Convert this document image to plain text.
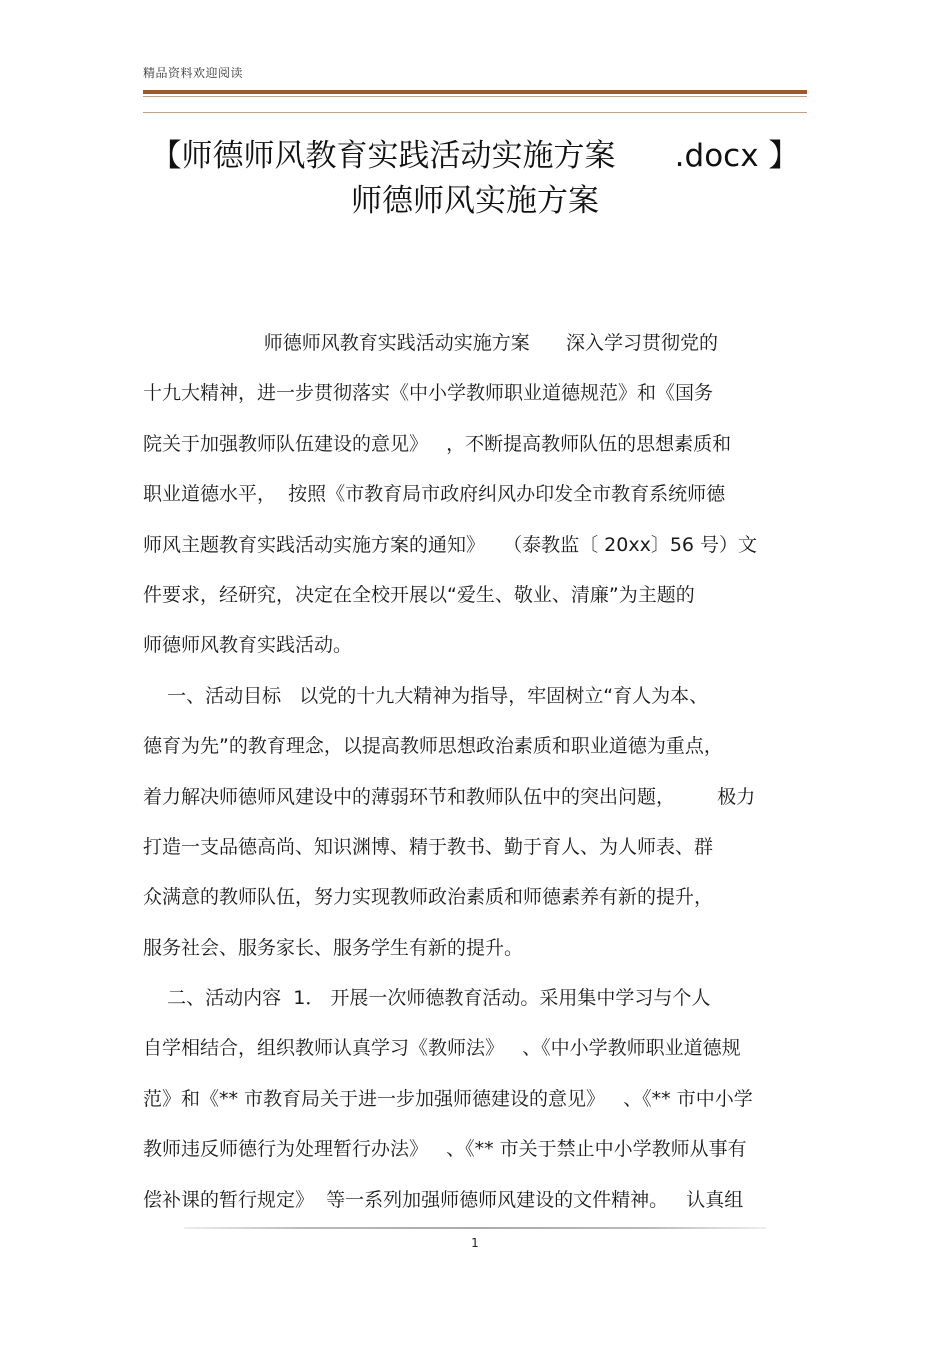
精品资料欢迎阅读
【师德师风教育实践活动实施方案      .docx 】
师德师风实施方案
师德师风教育实践活动实施方案      深入学习贯彻党的
十九大精神，进一步贯彻落实《中小学教师职业道德规范》和《国务
院关于加强教师队伍建设的意见》   ，不断提高教师队伍的思想素质和
职业道德水平，  按照《市教育局市政府纠风办印发全市教育系统师德
师风主题教育实践活动实施方案的通知》   （泰教监〔 20xx〕56 号）文
件要求，经研究，决定在全校开展以“爱生、敬业、清廉”为主题的
师德师风教育实践活动。
一、活动目标   以党的十九大精神为指导，牢固树立“育人为本、
德育为先”的教育理念，以提高教师思想政治素质和职业道德为重点，
着力解决师德师风建设中的薄弱环节和教师队伍中的突出问题，       极力
打造一支品德高尚、知识渊博、精于教书、勤于育人、为人师表、群
众满意的教师队伍，努力实现教师政治素质和师德素养有新的提升，
服务社会、服务家长、服务学生有新的提升。
二、活动内容  1． 开展一次师德教育活动。采用集中学习与个人
自学相结合，组织教师认真学习《教师法》   、《中小学教师职业道德规
范》和《** 市教育局关于进一步加强师德建设的意见》   、《** 市中小学
教师违反师德行为处理暂行办法》   、《** 市关于禁止中小学教师从事有
偿补课的暂行规定》  等一系列加强师德师风建设的文件精神。   认真组
1
